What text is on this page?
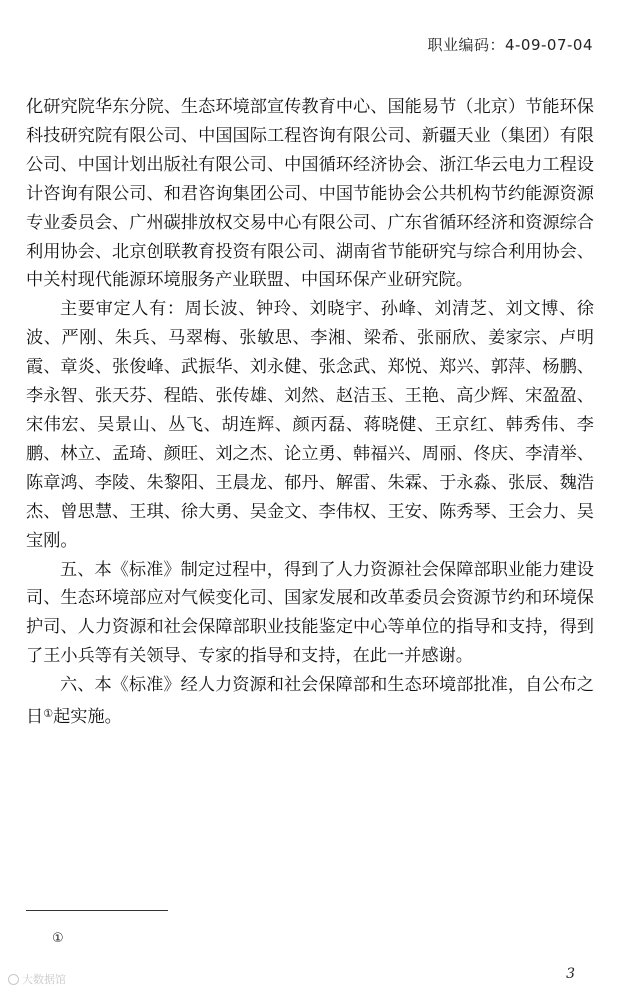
职业编码：4-09-07-04

化研究院华东分院、生态环境部宣传教育中心、国能易节（北京）节能环保科技研究院有限公司、中国国际工程咨询有限公司、新疆天业（集团）有限公司、中国计划出版社有限公司、中国循环经济协会、浙江华云电力工程设计咨询有限公司、和君咨询集团公司、中国节能协会公共机构节约能源资源专业委员会、广州碳排放权交易中心有限公司、广东省循环经济和资源综合利用协会、北京创联教育投资有限公司、湖南省节能研究与综合利用协会、中关村现代能源环境服务产业联盟、中国环保产业研究院。

主要审定人有：周长波、钟玲、刘晓宇、孙峰、刘清芝、刘文博、徐波、严刚、朱兵、马翠梅、张敏思、李湘、梁希、张丽欣、姜家宗、卢明霞、章炎、张俊峰、武振华、刘永健、张念武、郑悦、郑兴、郭萍、杨鹏、李永智、张天芬、程皓、张传雄、刘然、赵洁玉、王艳、高少辉、宋盈盈、宋伟宏、吴景山、丛飞、胡连辉、颜丙磊、蒋晓健、王京红、韩秀伟、李鹏、林立、孟琦、颜旺、刘之杰、论立勇、韩福兴、周丽、佟庆、李清举、陈章鸿、李陵、朱黎阳、王晨龙、郁丹、解雷、朱霖、于永淼、张辰、魏浩杰、曾思慧、王琪、徐大勇、吴金文、李伟权、王安、陈秀琴、王会力、吴宝刚。

五、本《标准》制定过程中，得到了人力资源社会保障部职业能力建设司、生态环境部应对气候变化司、国家发展和改革委员会资源节约和环境保护司、人力资源和社会保障部职业技能鉴定中心等单位的指导和支持，得到了王小兵等有关领导、专家的指导和支持，在此一并感谢。

六、本《标准》经人力资源和社会保障部和生态环境部批准，自公布之日①起实施。

①
大数据馆	3
